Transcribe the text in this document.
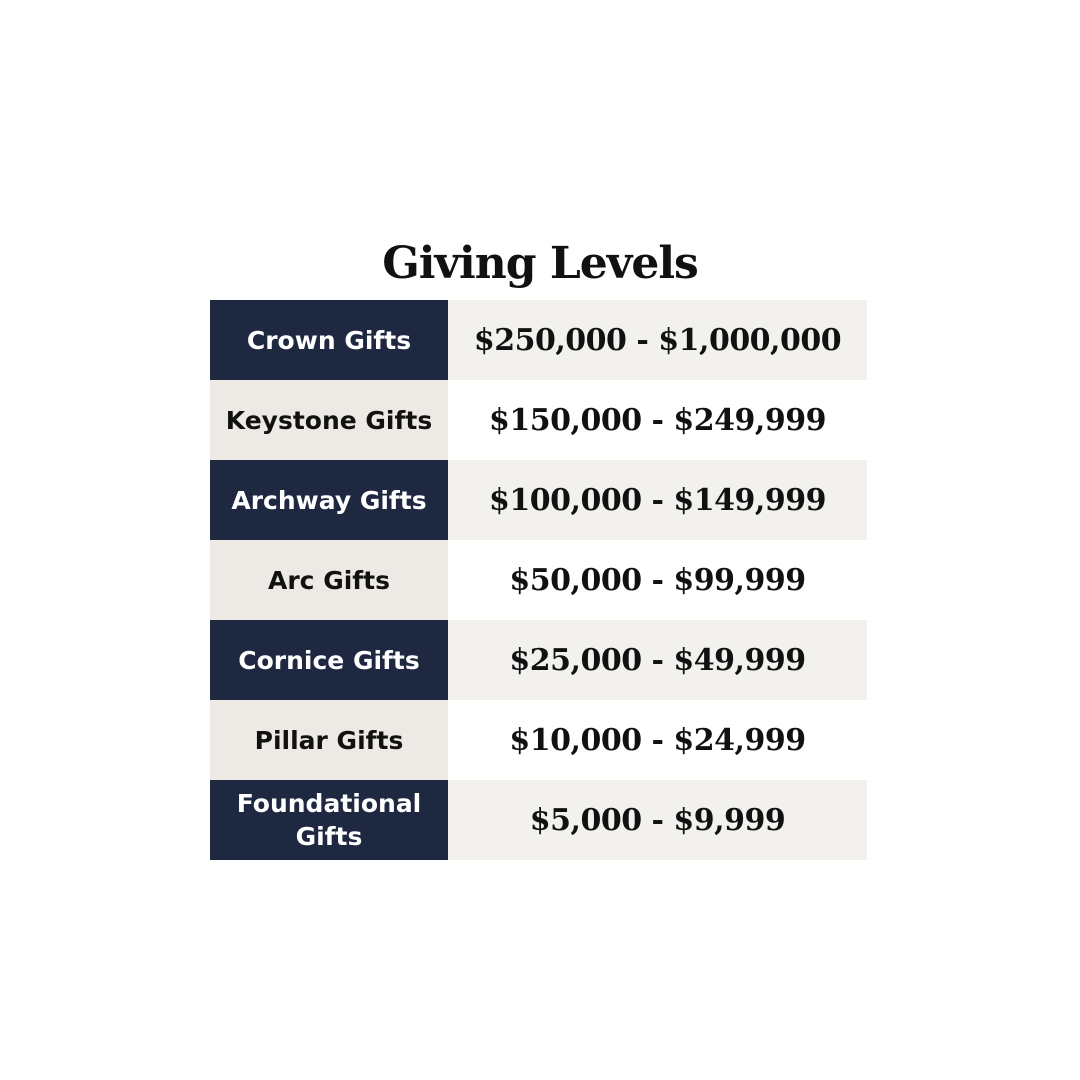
Giving Levels
Crown Gifts	$250,000 - $1,000,000
Keystone Gifts	$150,000 - $249,999
Archway Gifts	$100,000 - $149,999
Arc Gifts	$50,000 - $99,999
Cornice Gifts	$25,000 - $49,999
Pillar Gifts	$10,000 - $24,999
Foundational Gifts	$5,000 - $9,999
